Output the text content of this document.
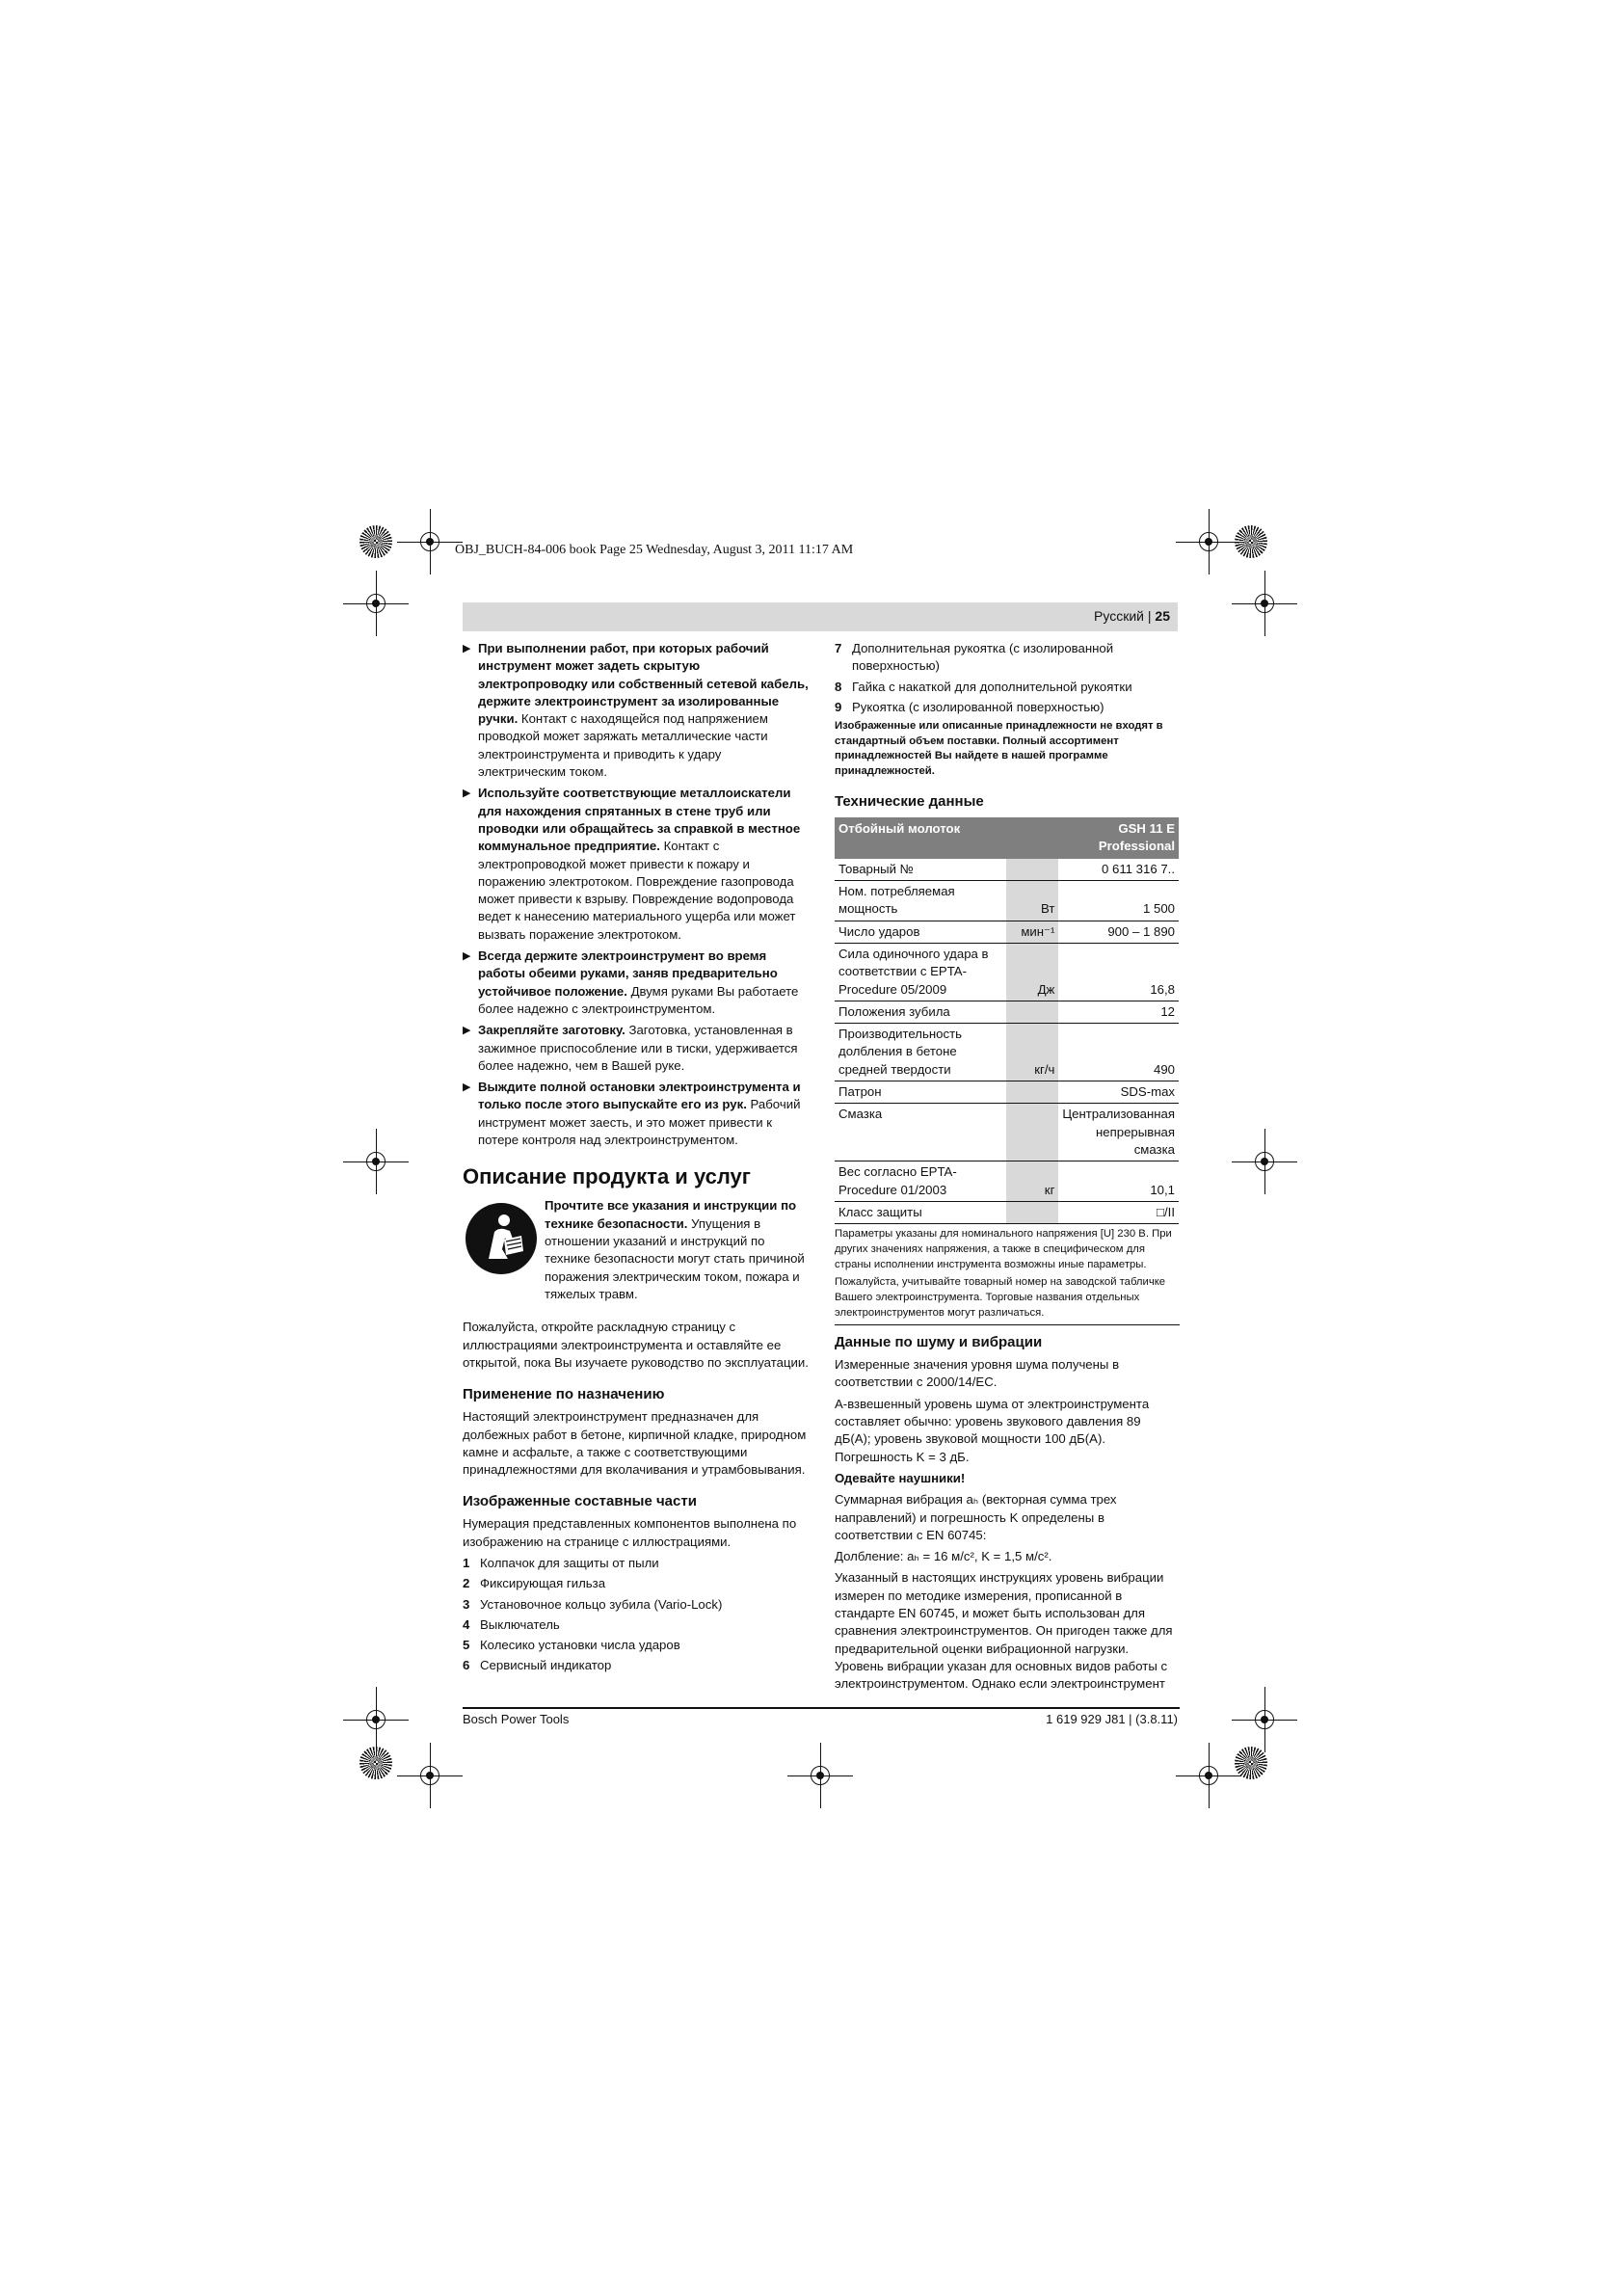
OBJ_BUCH-84-006 book Page 25 Wednesday, August 3, 2011 11:17 AM
Русский | 25
▶ При выполнении работ, при которых рабочий инструмент может задеть скрытую электропроводку или собственный сетевой кабель, держите электроинструмент за изолированные ручки. Контакт с находящейся под напряжением проводкой может заряжать металлические части электроинструмента и приводить к удару электрическим током.
▶ Используйте соответствующие металлоискатели для нахождения спрятанных в стене труб или проводки или обращайтесь за справкой в местное коммунальное предприятие. Контакт с электропроводкой может привести к пожару и поражению электротоком. Повреждение газопровода может привести к взрыву. Повреждение водопровода ведет к нанесению материального ущерба или может вызвать поражение электротоком.
▶ Всегда держите электроинструмент во время работы обеими руками, заняв предварительно устойчивое положение. Двумя руками Вы работаете более надежно с электроинструментом.
▶ Закрепляйте заготовку. Заготовка, установленная в зажимное приспособление или в тиски, удерживается более надежно, чем в Вашей руке.
▶ Выждите полной остановки электроинструмента и только после этого выпускайте его из рук. Рабочий инструмент может заесть, и это может привести к потере контроля над электроинструментом.
Описание продукта и услуг
Прочтите все указания и инструкции по технике безопасности. Упущения в отношении указаний и инструкций по технике безопасности могут стать причиной поражения электрическим током, пожара и тяжелых травм.

Пожалуйста, откройте раскладную страницу с иллюстрациями электроинструмента и оставляйте ее открытой, пока Вы изучаете руководство по эксплуатации.

Применение по назначению

Настоящий электроинструмент предназначен для долбежных работ в бетоне, кирпичной кладке, природном камне и асфальте, а также с соответствующими принадлежностями для вколачивания и утрамбовывания.

Изображенные составные части

Нумерация представленных компонентов выполнена по изображению на странице с иллюстрациями.

1 Колпачок для защиты от пыли
2 Фиксирующая гильза
3 Установочное кольцо зубила (Vario-Lock)
4 Выключатель
5 Колесико установки числа ударов
6 Сервисный индикатор
7 Дополнительная рукоятка (с изолированной поверхностью)
8 Гайка с накаткой для дополнительной рукоятки
9 Рукоятка (с изолированной поверхностью)
Изображенные или описанные принадлежности не входят в стандартный объем поставки. Полный ассортимент принадлежностей Вы найдете в нашей программе принадлежностей.
Технические данные
Отбойный молоток		GSH 11 E
Professional
Товарный №		0 611 316 7..
Ном. потребляемая мощность	Вт	1 500
Число ударов	мин⁻¹	900 – 1 890
Сила одиночного удара в соответствии с EPTA-Procedure 05/2009	Дж	16,8
Положения зубила		12
Производительность долбления в бетоне средней твердости	кг/ч	490
Патрон		SDS-max
Смазка		Централизованная непрерывная смазка
Вес согласно EPTA-Procedure 01/2003	кг	10,1
Класс защиты		□/II
Параметры указаны для номинального напряжения [U] 230 В. При других значениях напряжения, а также в специфическом для страны исполнении инструмента возможны иные параметры.
Пожалуйста, учитывайте товарный номер на заводской табличке Вашего электроинструмента. Торговые названия отдельных электроинструментов могут различаться.
Данные по шуму и вибрации

Измеренные значения уровня шума получены в соответствии с 2000/14/EC.

A-взвешенный уровень шума от электроинструмента составляет обычно: уровень звукового давления 89 дБ(A); уровень звуковой мощности 100 дБ(A). Погрешность K = 3 дБ.

Одевайте наушники!

Суммарная вибрация aₕ (векторная сумма трех направлений) и погрешность K определены в соответствии с EN 60745:

Долбление: aₕ = 16 м/с², K = 1,5 м/с².

Указанный в настоящих инструкциях уровень вибрации измерен по методике измерения, прописанной в стандарте EN 60745, и может быть использован для сравнения электроинструментов. Он пригоден также для предварительной оценки вибрационной нагрузки. Уровень вибрации указан для основных видов работы с электроинструментом. Однако если электроинструмент

Bosch Power Tools	1 619 929 J81 | (3.8.11)
